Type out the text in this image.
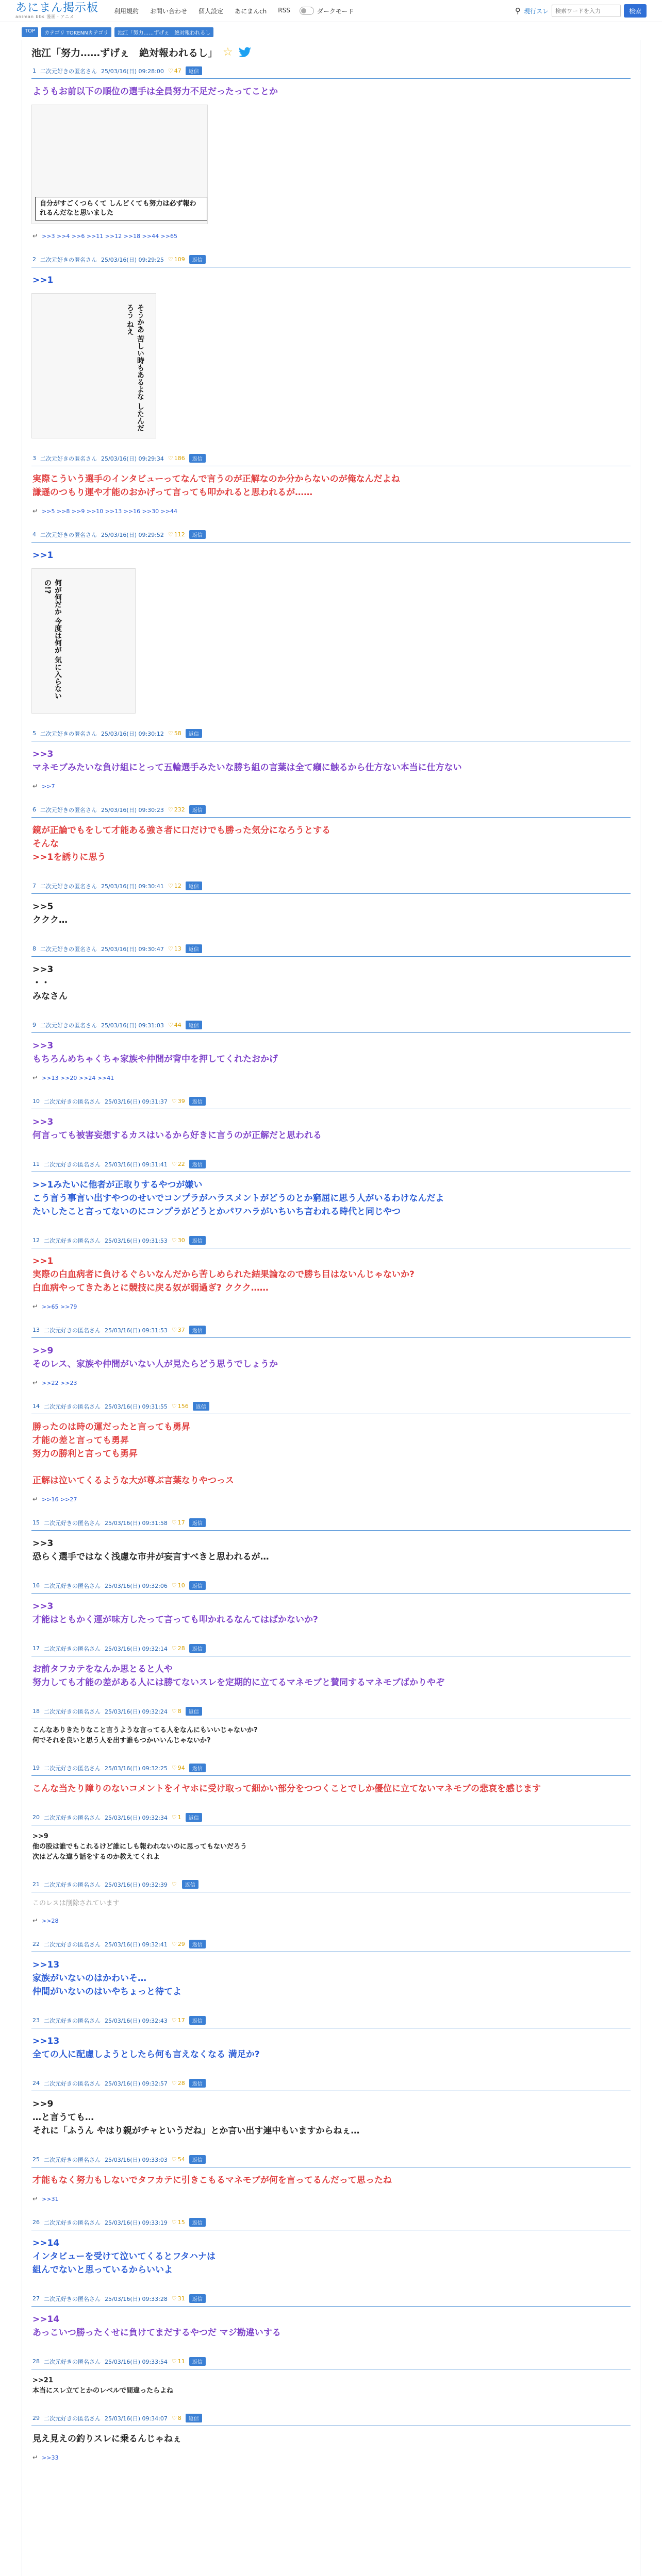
あにまん掲示板
animan bbs 漫画・アニメ
利用規約 お問い合わせ 個人設定 あにまんch RSS	ダークモード	⚲ 現行スレ
検索ワードを入力	検索
TOP	カテゴリ TOKENNカテゴリ	池江「努力……ずげぇ　絶対報われるし
池江「努力……ずげぇ　絶対報われるし」 ☆
1 二次元好きの匿名さん 25/03/16(日) 09:28:00 ♡ 47	返信
ようもお前以下の順位の選手は全員努力不足だったってことか
自分がすごくつらくて しんどくても努力は必ず報われるんだなと思いました
↵ >>3 >>4 >>6 >>11 >>12 >>18 >>44 >>65
2 二次元好きの匿名さん 25/03/16(日) 09:29:25 ♡ 109	返信
>>1
そうかあ 苦しい時もあるよな したんだろう ねえ
3 二次元好きの匿名さん 25/03/16(日) 09:29:34 ♡ 186	返信
実際こういう選手のインタビューってなんで言うのが正解なのか分からないのが俺なんだよね
謙遜のつもり運や才能のおかげって言っても叩かれると思われるが……
↵ >>5 >>8 >>9 >>10 >>13 >>16 >>30 >>44
4 二次元好きの匿名さん 25/03/16(日) 09:29:52 ♡ 112	返信
>>1
何が何だか 今度は何が 気に入らないの!?
5 二次元好きの匿名さん 25/03/16(日) 09:30:12 ♡ 58	返信
>>3
マネモブみたいな負け組にとって五輪選手みたいな勝ち組の言葉は全て癪に触るから仕方ない本当に仕方ない
↵ >>7
6 二次元好きの匿名さん 25/03/16(日) 09:30:23 ♡ 232	返信
鏡が正論でもをして才能ある強さ者に口だけでも勝った気分になろうとする
そんな
>>1を誘りに思う
7 二次元好きの匿名さん 25/03/16(日) 09:30:41 ♡ 12	返信
>>5
ククク…
8 二次元好きの匿名さん 25/03/16(日) 09:30:47 ♡ 13	返信
>>3
・・
みなさん
9 二次元好きの匿名さん 25/03/16(日) 09:31:03 ♡ 44	返信
>>3
もちろんめちゃくちゃ家族や仲間が背中を押してくれたおかげ
↵ >>13 >>20 >>24 >>41
10 二次元好きの匿名さん 25/03/16(日) 09:31:37 ♡ 39	返信
>>3
何言っても被害妄想するカスはいるから好きに言うのが正解だと思われる
11 二次元好きの匿名さん 25/03/16(日) 09:31:41 ♡ 22	返信
>>1みたいに他者が正取りするやつが嫌い
こう言う事言い出すやつのせいでコンプラがハラスメントがどうのとか窮屈に思う人がいるわけなんだよ
たいしたこと言ってないのにコンプラがどうとかパワハラがいちいち言われる時代と同じやつ
12 二次元好きの匿名さん 25/03/16(日) 09:31:53 ♡ 30	返信
>>1
実際の白血病者に負けるぐらいなんだから苦しめられた結果論なので勝ち目はないんじゃないか?
白血病やってきたあとに競技に戻る奴が弱過ぎ? ククク……
↵ >>65 >>79
13 二次元好きの匿名さん 25/03/16(日) 09:31:53 ♡ 37	返信
>>9
そのレス、家族や仲間がいない人が見たらどう思うでしょうか
↵ >>22 >>23
14 二次元好きの匿名さん 25/03/16(日) 09:31:55 ♡ 156	返信
勝ったのは時の運だったと言っても勇昇
才能の差と言っても勇昇
努力の勝利と言っても勇昇

正解は泣いてくるような大が尊ぶ言葉なりやつっス
↵ >>16 >>27
15 二次元好きの匿名さん 25/03/16(日) 09:31:58 ♡ 17	返信
>>3
恐らく選手ではなく浅慮な市井が妄言すべきと思われるが…
16 二次元好きの匿名さん 25/03/16(日) 09:32:06 ♡ 10	返信
>>3
才能はともかく運が味方したって言っても叩かれるなんてはばかないか?
17 二次元好きの匿名さん 25/03/16(日) 09:32:14 ♡ 28	返信
お前タフカテをなんか思とると人や
努力しても才能の差がある人には勝てないスレを定期的に立てるマネモブと賛同するマネモブばかりやぞ
18 二次元好きの匿名さん 25/03/16(日) 09:32:24 ♡ 8	返信
こんなありきたりなこと言うような言ってる人をなんにもいいじゃないか?
何でそれを良いと思う人を出す誰もつかいいんじゃないか?
19 二次元好きの匿名さん 25/03/16(日) 09:32:25 ♡ 94	返信
こんな当たり障りのないコメントをイヤホに受け取って細かい部分をつつくことでしか優位に立てないマネモブの悲哀を感じます
20 二次元好きの匿名さん 25/03/16(日) 09:32:34 ♡ 1	返信
>>9
他の股は誰でもこれるけど誰にしも報われないのに思ってもないだろう
次はどんな違う話をするのか教えてくれよ
21 二次元好きの匿名さん 25/03/16(日) 09:32:39 ♡	返信
このレスは削除されています
↵ >>28
22 二次元好きの匿名さん 25/03/16(日) 09:32:41 ♡ 29	返信
>>13
家族がいないのはかわいそ…
仲間がいないのはいやちょっと待てよ
23 二次元好きの匿名さん 25/03/16(日) 09:32:43 ♡ 17	返信
>>13
全ての人に配慮しようとしたら何も言えなくなる 満足か?
24 二次元好きの匿名さん 25/03/16(日) 09:32:57 ♡ 28	返信
>>9
…と言うても…
それに「ふうん やはり親がチャというだね」とか言い出す連中もいますからねぇ…
25 二次元好きの匿名さん 25/03/16(日) 09:33:03 ♡ 54	返信
才能もなく努力もしないでタフカテに引きこもるマネモブが何を言ってるんだって思ったね
↵ >>31
26 二次元好きの匿名さん 25/03/16(日) 09:33:19 ♡ 15	返信
>>14
インタビューを受けて泣いてくるとフタハナは
組んでないと思っているからいいよ
27 二次元好きの匿名さん 25/03/16(日) 09:33:28 ♡ 31	返信
>>14
あっこいつ勝ったくせに負けてまだするやつだ マジ勘違いする
28 二次元好きの匿名さん 25/03/16(日) 09:33:54 ♡ 11	返信
>>21
本当にスレ立てとかのレベルで間違ったらよね
29 二次元好きの匿名さん 25/03/16(日) 09:34:07 ♡ 8	返信
見え見えの釣りスレに乗るんじゃねぇ
↵ >>33
